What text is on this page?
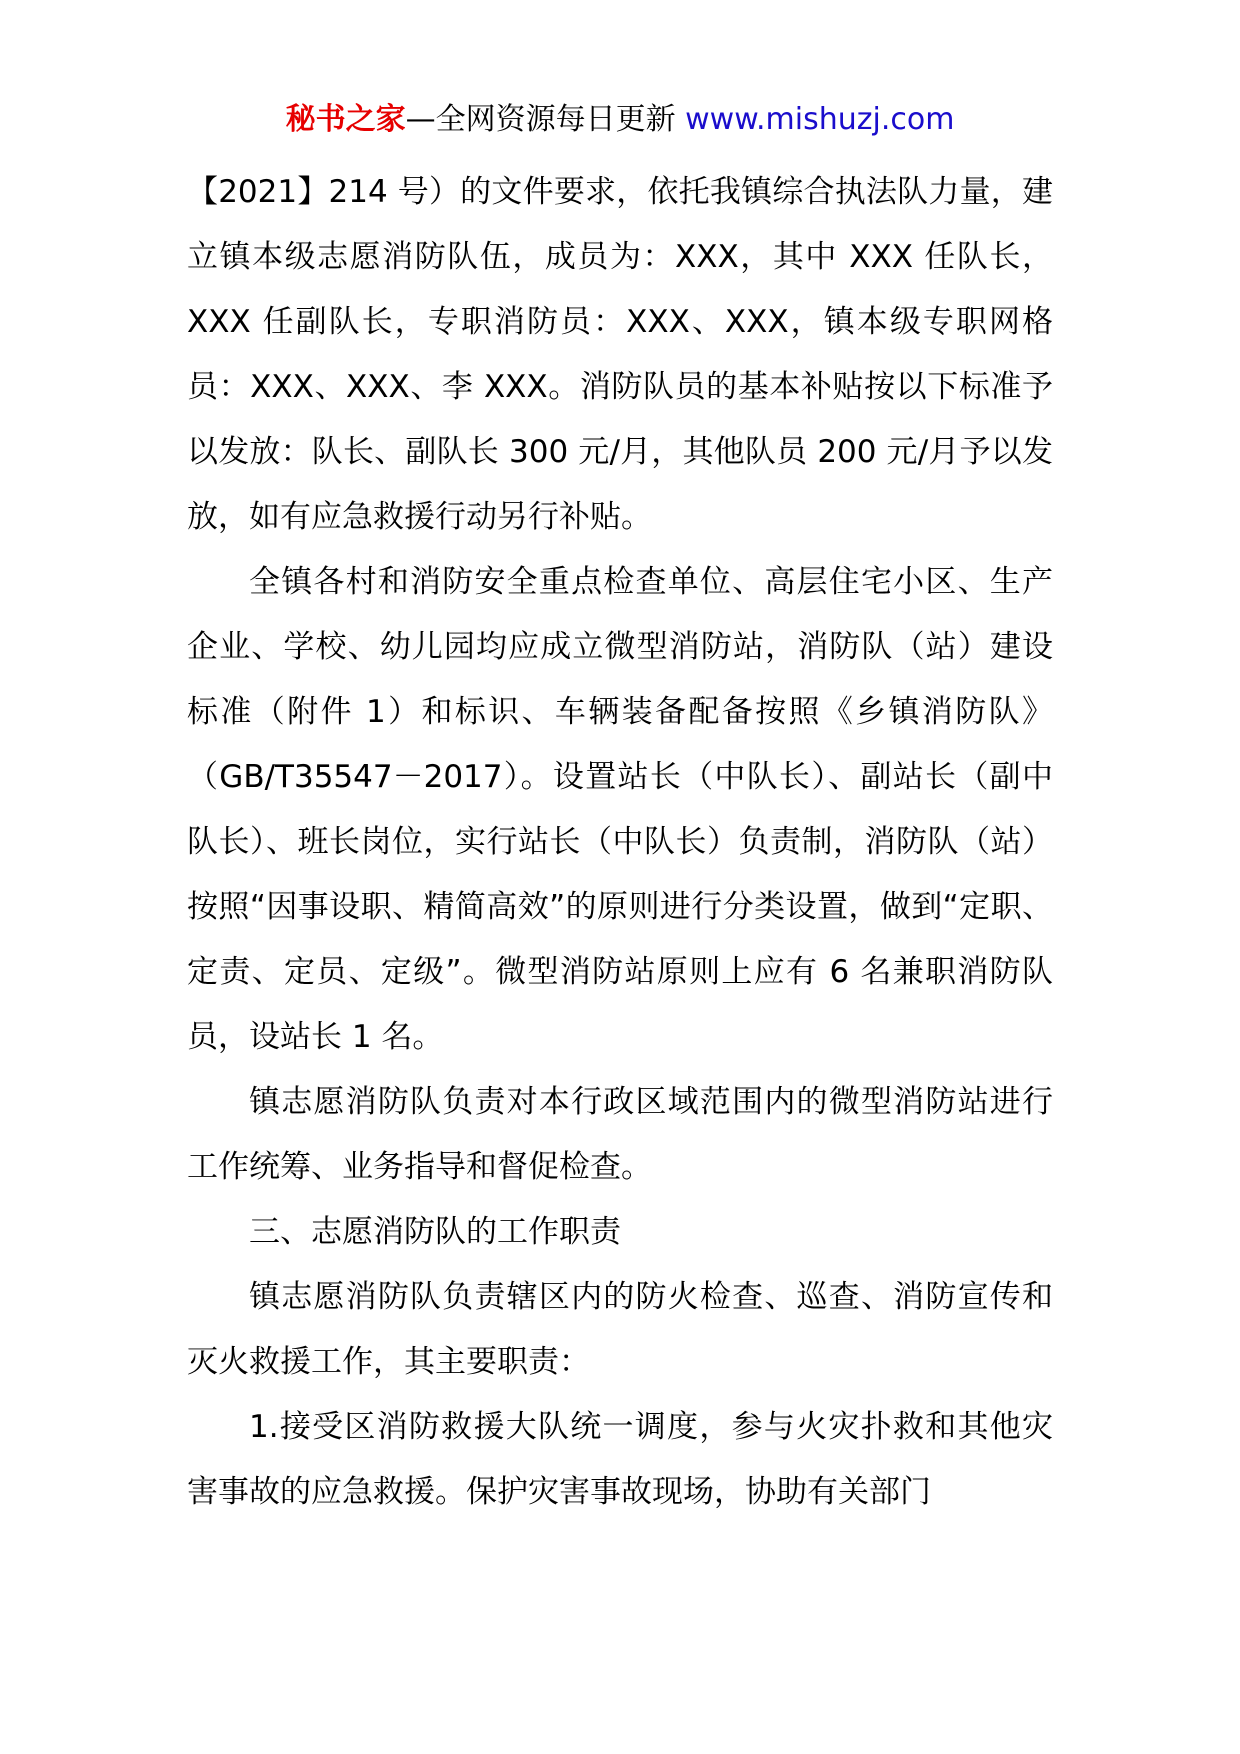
秘书之家—全网资源每日更新 www.mishuzj.com

【2021】214 号）的文件要求，依托我镇综合执法队力量，建立镇本级志愿消防队伍，成员为：XXX，其中 XXX 任队长，XXX 任副队长，专职消防员：XXX、XXX，镇本级专职网格员：XXX、XXX、李 XXX。消防队员的基本补贴按以下标准予以发放：队长、副队长 300 元/月，其他队员 200 元/月予以发放，如有应急救援行动另行补贴。

全镇各村和消防安全重点检查单位、高层住宅小区、生产企业、学校、幼儿园均应成立微型消防站，消防队（站）建设标准（附件 1）和标识、车辆装备配备按照《乡镇消防队》（GB/T35547－2017）。设置站长（中队长）、副站长（副中队长）、班长岗位，实行站长（中队长）负责制，消防队（站）按照“因事设职、精简高效”的原则进行分类设置，做到“定职、定责、定员、定级”。微型消防站原则上应有 6 名兼职消防队员，设站长 1 名。

镇志愿消防队负责对本行政区域范围内的微型消防站进行工作统筹、业务指导和督促检查。

三、志愿消防队的工作职责

镇志愿消防队负责辖区内的防火检查、巡查、消防宣传和灭火救援工作，其主要职责：

1.接受区消防救援大队统一调度，参与火灾扑救和其他灾害事故的应急救援。保护灾害事故现场，协助有关部门
